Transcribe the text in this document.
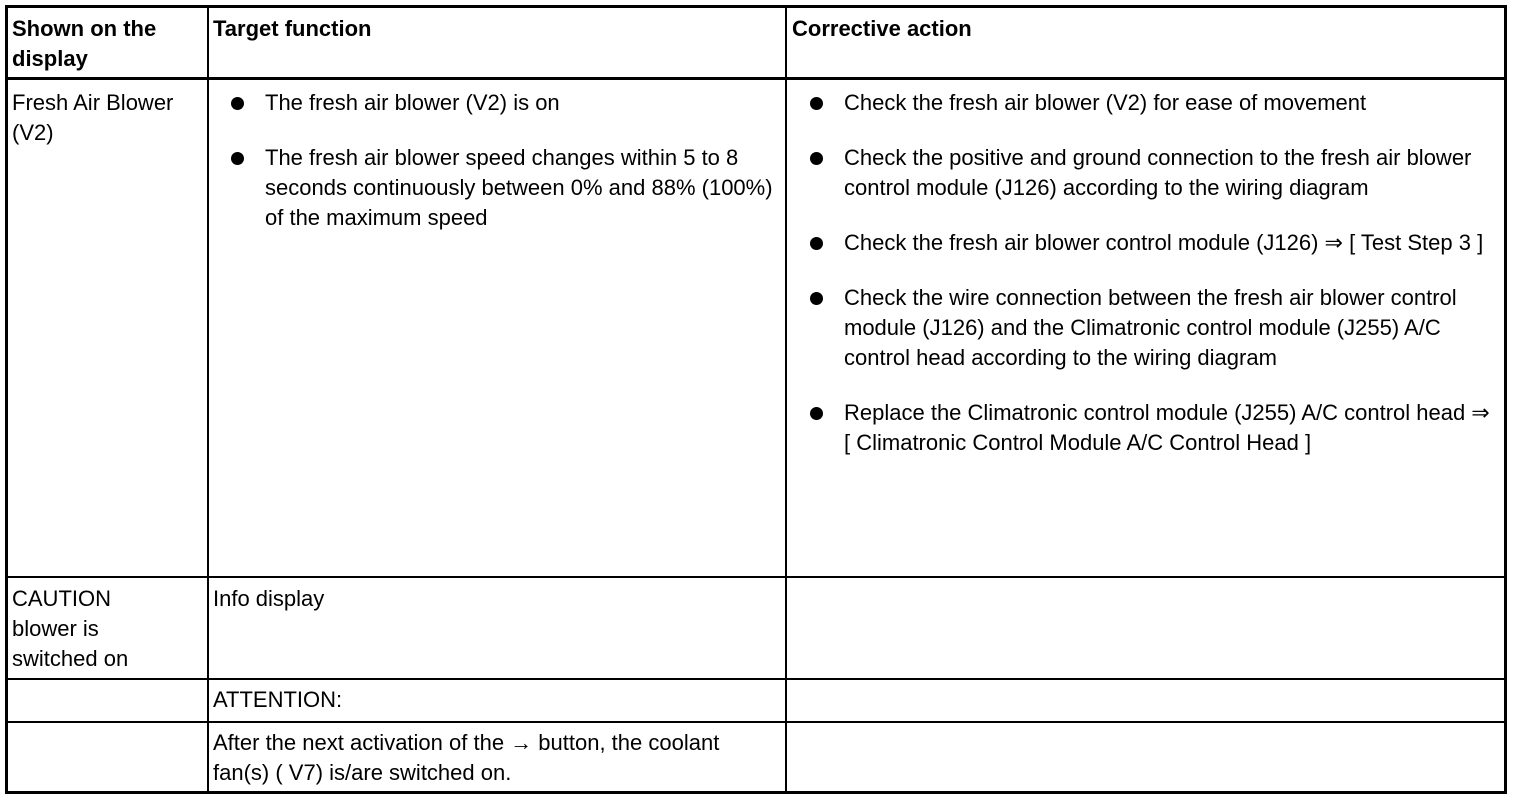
Shown on the display
Target function	Corrective action
Fresh Air Blower (V2)
The fresh air blower (V2) is on
The fresh air blower speed changes within 5 to 8 seconds continuously between 0% and 88% (100%) of the maximum speed
Check the fresh air blower (V2) for ease of movement
Check the positive and ground connection to the fresh air blower control module (J126) according to the wiring diagram
Check the fresh air blower control module (J126) ⇒ [ Test Step 3 ]
Check the wire connection between the fresh air blower control module (J126) and the Climatronic control module (J255) A/C control head according to the wiring diagram
Replace the Climatronic control module (J255) A/C control head ⇒ [ Climatronic Control Module A/C Control Head ]
CAUTION blower is switched on
Info display
ATTENTION:
After the next activation of the → button, the coolant fan(s) ( V7) is/are switched on.
